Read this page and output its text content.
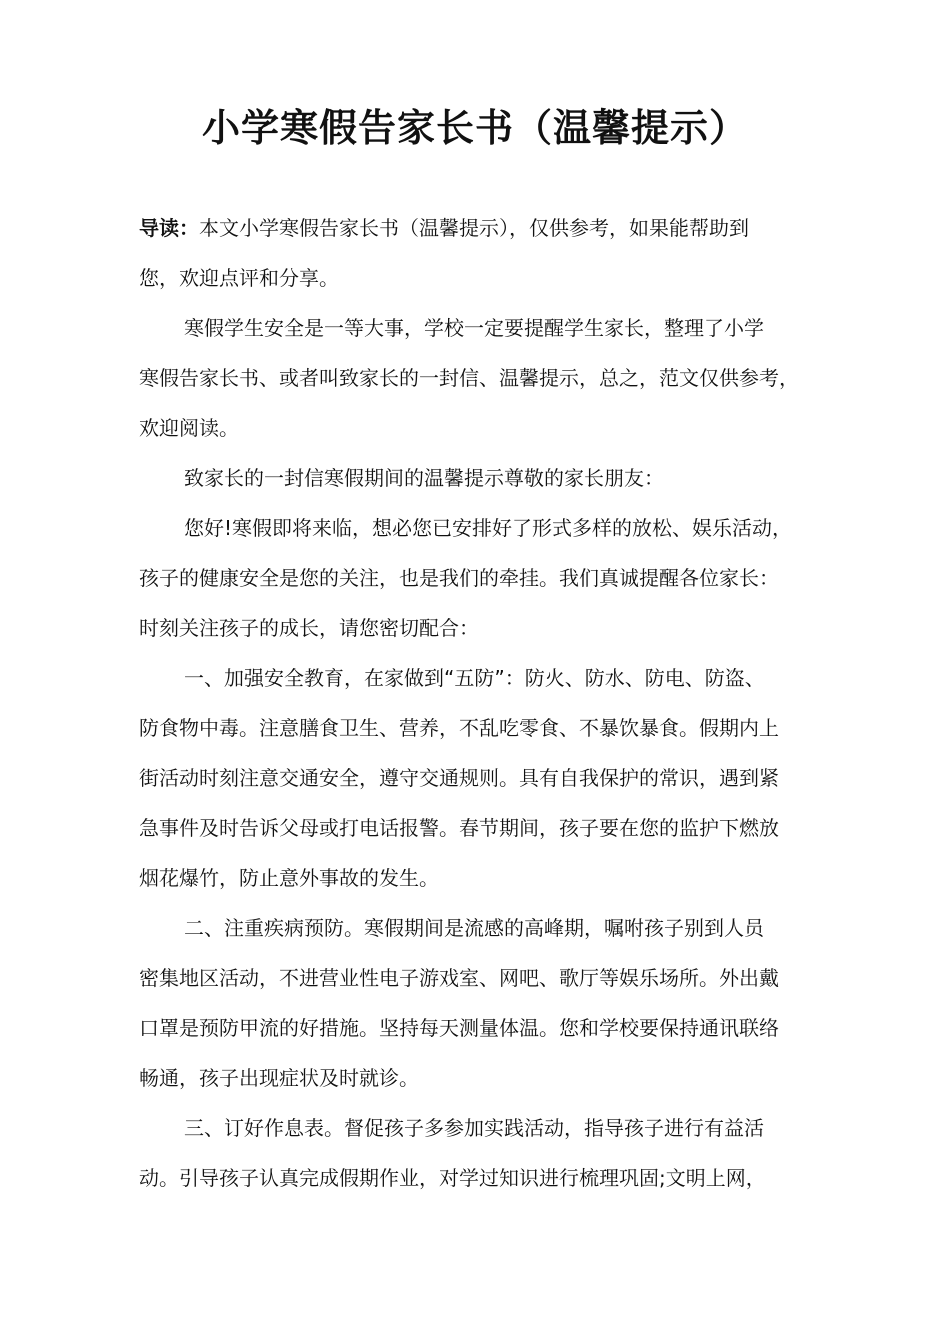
小学寒假告家长书（温馨提示）
导读：本文小学寒假告家长书（温馨提示），仅供参考，如果能帮助到
您，欢迎点评和分享。
寒假学生安全是一等大事，学校一定要提醒学生家长，整理了小学
寒假告家长书、或者叫致家长的一封信、温馨提示，总之，范文仅供参考，
欢迎阅读。
致家长的一封信寒假期间的温馨提示尊敬的家长朋友：
您好!寒假即将来临，想必您已安排好了形式多样的放松、娱乐活动，
孩子的健康安全是您的关注，也是我们的牵挂。我们真诚提醒各位家长：
时刻关注孩子的成长，请您密切配合：
一、加强安全教育，在家做到“五防”：防火、防水、防电、防盗、
防食物中毒。注意膳食卫生、营养，不乱吃零食、不暴饮暴食。假期内上
街活动时刻注意交通安全，遵守交通规则。具有自我保护的常识，遇到紧
急事件及时告诉父母或打电话报警。春节期间，孩子要在您的监护下燃放
烟花爆竹，防止意外事故的发生。
二、注重疾病预防。寒假期间是流感的高峰期，嘱咐孩子别到人员
密集地区活动，不进营业性电子游戏室、网吧、歌厅等娱乐场所。外出戴
口罩是预防甲流的好措施。坚持每天测量体温。您和学校要保持通讯联络
畅通，孩子出现症状及时就诊。
三、订好作息表。督促孩子多参加实践活动，指导孩子进行有益活
动。引导孩子认真完成假期作业，对学过知识进行梳理巩固;文明上网，
